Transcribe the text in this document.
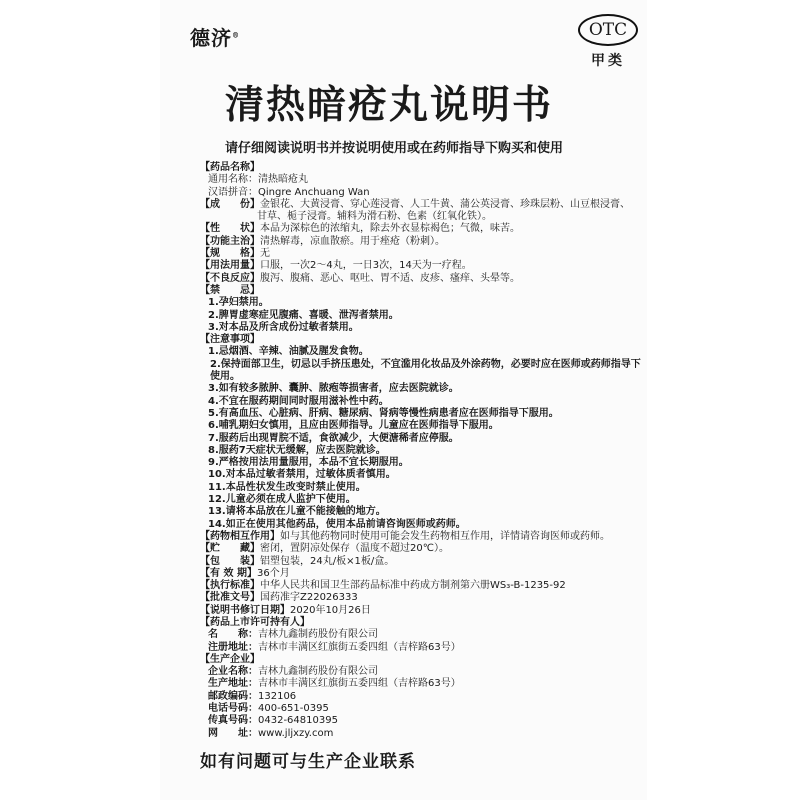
德济®	OTC
甲类
清热暗疮丸说明书
请仔细阅读说明书并按说明使用或在药师指导下购买和使用
【药品名称】
通用名称：清热暗疮丸
汉语拼音：Qingre Anchuang Wan
【成　　份】金银花、大黄浸膏、穿心莲浸膏、人工牛黄、蒲公英浸膏、珍珠层粉、山豆根浸膏、
甘草、栀子浸膏。辅料为滑石粉、色素（红氧化铁）。
【性　　状】本品为深棕色的浓缩丸，除去外衣显棕褐色；气微，味苦。
【功能主治】清热解毒，凉血散瘀。用于痤疮（粉刺）。
【规　　格】无
【用法用量】口服，一次2～4丸，一日3次，14天为一疗程。
【不良反应】腹泻、腹痛、恶心、呕吐、胃不适、皮疹、瘙痒、头晕等。
【禁　　忌】
1.孕妇禁用。
2.脾胃虚寒症见腹痛、喜暖、泄泻者禁用。
3.对本品及所含成份过敏者禁用。
【注意事项】
1.忌烟酒、辛辣、油腻及腥发食物。
2.保持面部卫生，切忌以手挤压患处，不宜滥用化妆品及外涂药物，必要时应在医师或药师指导下使用。
3.如有较多脓肿、囊肿、脓疱等损害者，应去医院就诊。
4.不宜在服药期间同时服用滋补性中药。
5.有高血压、心脏病、肝病、糖尿病、肾病等慢性病患者应在医师指导下服用。
6.哺乳期妇女慎用，且应由医师指导。儿童应在医师指导下服用。
7.服药后出现胃脘不适，食欲减少，大便溏稀者应停服。
8.服药7天症状无缓解，应去医院就诊。
9.严格按用法用量服用，本品不宜长期服用。
10.对本品过敏者禁用，过敏体质者慎用。
11.本品性状发生改变时禁止使用。
12.儿童必须在成人监护下使用。
13.请将本品放在儿童不能接触的地方。
14.如正在使用其他药品，使用本品前请咨询医师或药师。
【药物相互作用】如与其他药物同时使用可能会发生药物相互作用，详情请咨询医师或药师。
【贮　　藏】密闭，置阴凉处保存（温度不超过20℃）。
【包　　装】铝塑包装，24丸/板×1板/盒。
【有 效 期】36个月
【执行标准】中华人民共和国卫生部药品标准中药成方制剂第六册WS₃-B-1235-92
【批准文号】国药准字Z22026333
【说明书修订日期】2020年10月26日
【药品上市许可持有人】
名　　称：吉林九鑫制药股份有限公司
注册地址：吉林市丰满区红旗街五委四组（吉梓路63号）
【生产企业】
企业名称：吉林九鑫制药股份有限公司
生产地址：吉林市丰满区红旗街五委四组（吉梓路63号）
邮政编码：132106
电话号码：400-651-0395
传真号码：0432-64810395
网　　址：www.jljxzy.com
如有问题可与生产企业联系
